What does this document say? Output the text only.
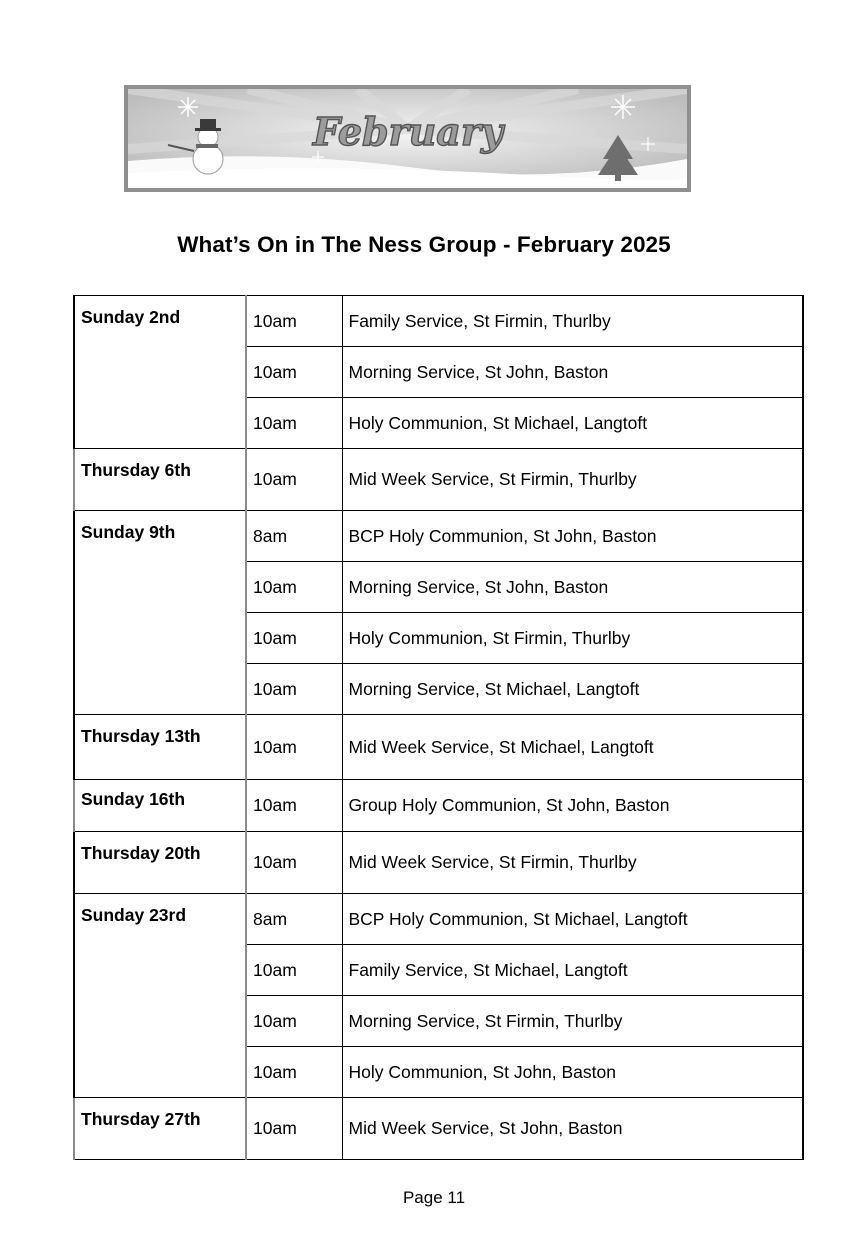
February
What’s On in The Ness Group - February 2025
Sunday 2nd	10am	Family Service, St Firmin, Thurlby
	10am	Morning Service, St John, Baston
	10am	Holy Communion, St Michael, Langtoft
Thursday 6th	10am	Mid Week Service, St Firmin, Thurlby
Sunday 9th	8am	BCP Holy Communion, St John, Baston
	10am	Morning Service, St John, Baston
	10am	Holy Communion, St Firmin, Thurlby
	10am	Morning Service, St Michael, Langtoft
Thursday 13th	10am	Mid Week Service, St Michael, Langtoft
Sunday 16th	10am	Group Holy Communion, St John, Baston
Thursday 20th	10am	Mid Week Service, St Firmin, Thurlby
Sunday 23rd	8am	BCP Holy Communion, St Michael, Langtoft
	10am	Family Service, St Michael, Langtoft
	10am	Morning Service, St Firmin, Thurlby
	10am	Holy Communion, St John, Baston
Thursday 27th	10am	Mid Week Service, St John, Baston
Page 11
